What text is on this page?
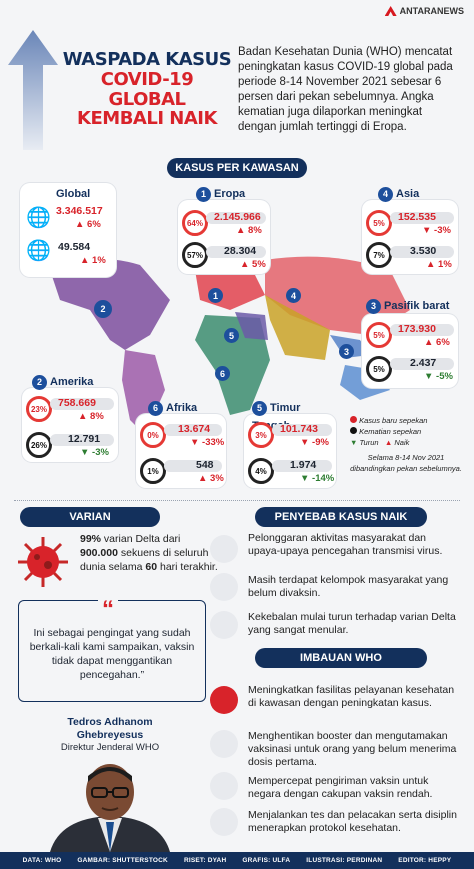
ANTARANEWS
WASPADA KASUS
COVID-19 GLOBAL
KEMBALI NAIK
Badan Kesehatan Dunia (WHO) mencatat peningkatan kasus COVID-19 global pada periode 8-14 November 2021 sebesar 6 persen dari pekan sebelumnya. Angka kematian juga dilaporkan meningkat dengan jumlah tertinggi di Eropa.
KASUS PER KAWASAN
1
2
3
4
5
6
Global
🌐 3.346.517
▲ 6%
🌐 49.584
▲ 1%
1 Eropa
64%	2.145.966
▲ 8%
57%	28.304
▲ 5%
4 Asia
5%	152.535
▼ -3%
7%	3.530
▲ 1%
3 Pasifik barat
5%	173.930
▲ 6%
5%	2.437
▼ -5%
2 Amerika
23%	758.669
▲ 8%
26%	12.791
▼ -3%
6 Afrika
0%	13.674
▼ -33%
1%	548
▲ 3%
5 Timur
3%	101.743
▼ -9%
4%	1.974
▼ -14%
Kasus baru sepekan
Kematian sepekan
▼ Turun ▲ Naik
Selama 8-14 Nov 2021 dibandingkan pekan sebelumnya.
VARIAN
99% varian Delta dari 900.000 sekuens di seluruh dunia selama 60 hari terakhir.
“
Ini sebagai pengingat yang sudah berkali-kali kami sampaikan, vaksin tidak dapat menggantikan pencegahan.”
Tedros Adhanom Ghebreyesus
Direktur Jenderal WHO
PENYEBAB KASUS NAIK
Pelonggaran aktivitas masyarakat dan upaya-upaya pencegahan transmisi virus.
Masih terdapat kelompok masyarakat yang belum divaksin.
Kekebalan mulai turun terhadap varian Delta yang sangat menular.
IMBAUAN WHO
Meningkatkan fasilitas pelayanan kesehatan di kawasan dengan peningkatan kasus.
Menghentikan booster dan mengutamakan vaksinasi untuk orang yang belum menerima dosis pertama.
Mempercepat pengiriman vaksin untuk negara dengan cakupan vaksin rendah.
Menjalankan tes dan pelacakan serta disiplin menerapkan protokol kesehatan.
DATA: WHO GAMBAR: SHUTTERSTOCK RISET: DYAH GRAFIS: ULFA ILUSTRASI: PERDINAN EDITOR: HEPPY
